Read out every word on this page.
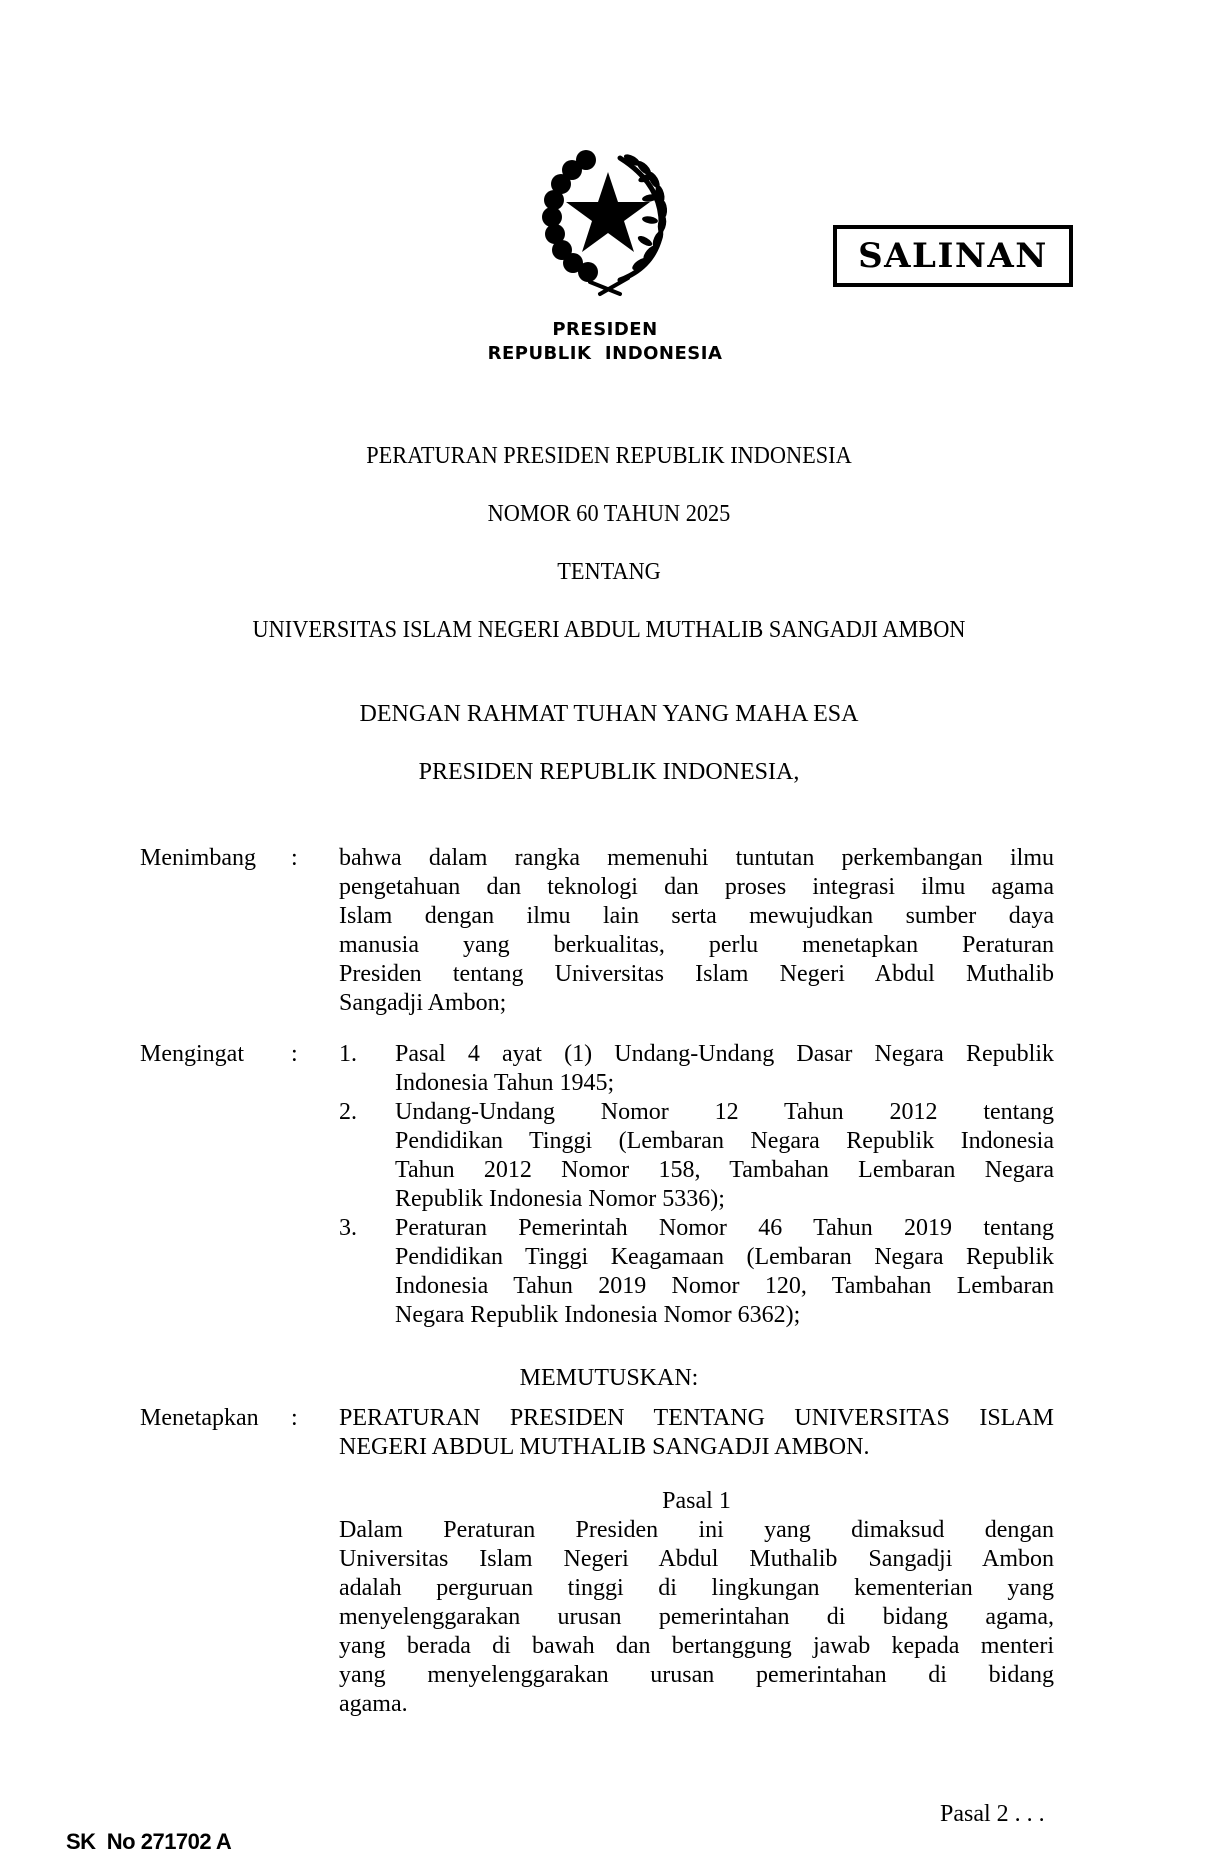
PRESIDEN
REPUBLIK  INDONESIA
SALINAN
PERATURAN PRESIDEN REPUBLIK INDONESIA
NOMOR 60 TAHUN 2025
TENTANG
UNIVERSITAS ISLAM NEGERI ABDUL MUTHALIB SANGADJI AMBON
DENGAN RAHMAT TUHAN YANG MAHA ESA
PRESIDEN REPUBLIK INDONESIA,
Menimbang	:	bahwa dalam rangka memenuhi tuntutan perkembangan ilmu
pengetahuan dan teknologi dan proses integrasi ilmu agama
Islam dengan ilmu lain serta mewujudkan sumber daya
manusia yang berkualitas, perlu menetapkan Peraturan
Presiden tentang Universitas Islam Negeri Abdul Muthalib
Sangadji Ambon;
Mengingat	:	1.	Pasal 4 ayat (1) Undang-Undang Dasar Negara Republik
Indonesia Tahun 1945;
2.	Undang-Undang Nomor 12 Tahun 2012 tentang
Pendidikan Tinggi (Lembaran Negara Republik Indonesia
Tahun 2012 Nomor 158, Tambahan Lembaran Negara
Republik Indonesia Nomor 5336);
3.	Peraturan Pemerintah Nomor 46 Tahun 2019 tentang
Pendidikan Tinggi Keagamaan (Lembaran Negara Republik
Indonesia Tahun 2019 Nomor 120, Tambahan Lembaran
Negara Republik Indonesia Nomor 6362);
MEMUTUSKAN:
Menetapkan	:	PERATURAN PRESIDEN TENTANG UNIVERSITAS ISLAM
NEGERI ABDUL MUTHALIB SANGADJI AMBON.
Pasal 1
Dalam Peraturan Presiden ini yang dimaksud dengan
Universitas Islam Negeri Abdul Muthalib Sangadji Ambon
adalah perguruan tinggi di lingkungan kementerian yang
menyelenggarakan urusan pemerintahan di bidang agama,
yang berada di bawah dan bertanggung jawab kepada menteri
yang menyelenggarakan urusan pemerintahan di bidang
agama.
Pasal 2 . . .
SK  No 271702 A
